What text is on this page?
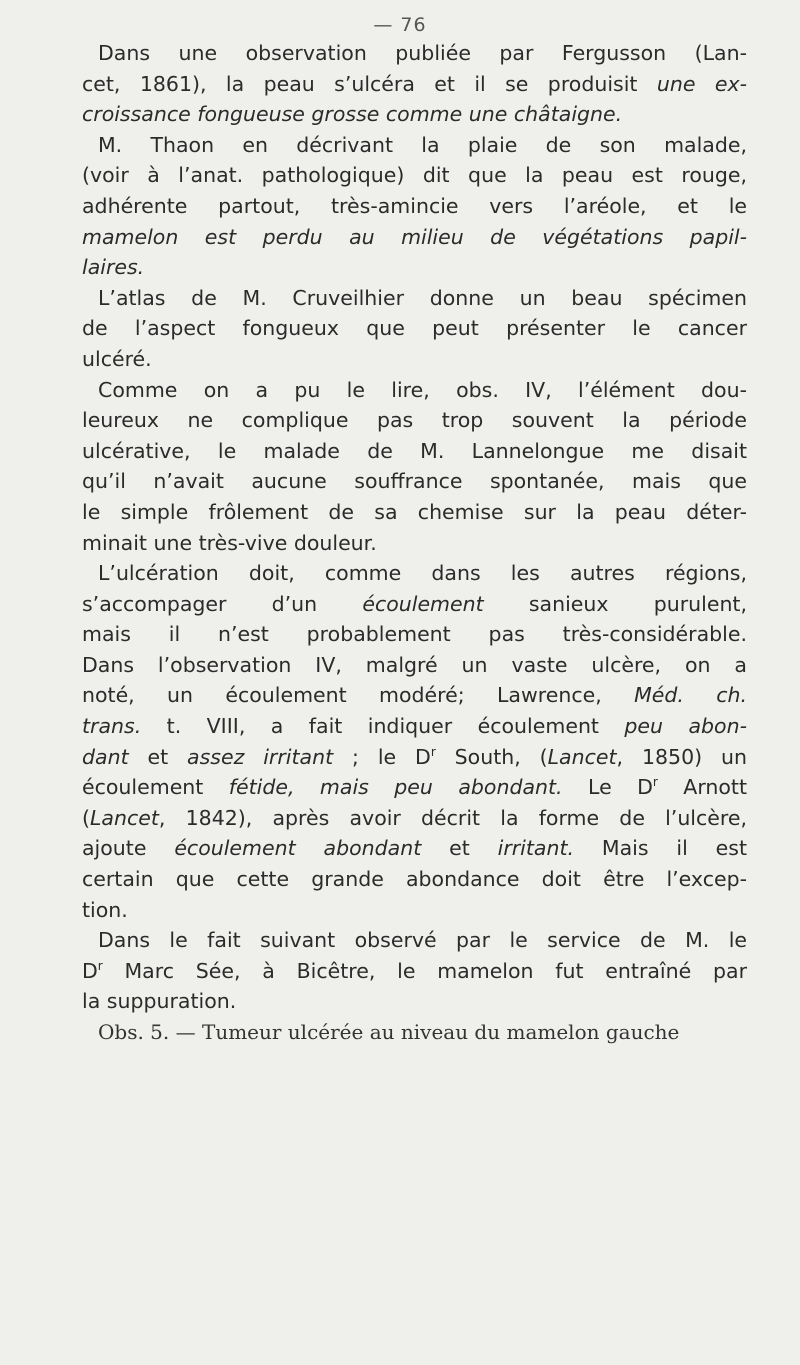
— 76
Dans une observation publiée par Fergusson (Lan-
cet, 1861), la peau s’ulcéra et il se produisit une ex-
croissance fongueuse grosse comme une châtaigne.
M. Thaon en décrivant la plaie de son malade,
(voir à l’anat. pathologique) dit que la peau est rouge,
adhérente partout, très-amincie vers l’aréole, et le
mamelon est perdu au milieu de végétations papil-
laires.
L’atlas de M. Cruveilhier donne un beau spécimen
de l’aspect fongueux que peut présenter le cancer
ulcéré.
Comme on a pu le lire, obs. IV, l’élément dou-
leureux ne complique pas trop souvent la période
ulcérative, le malade de M. Lannelongue me disait
qu’il n’avait aucune souffrance spontanée, mais que
le simple frôlement de sa chemise sur la peau déter-
minait une très-vive douleur.
L’ulcération doit, comme dans les autres régions,
s’accompager d’un écoulement sanieux purulent,
mais il n’est probablement pas très-considérable.
Dans l’observation IV, malgré un vaste ulcère, on a
noté, un écoulement modéré; Lawrence, Méd. ch.
trans. t. VIII, a fait indiquer écoulement peu abon-
dant et assez irritant ; le $D^r$ South, (Lancet, 1850) un
écoulement fétide, mais peu abondant. Le $D^r$ Arnott
(Lancet, 1842), après avoir décrit la forme de l’ulcère,
ajoute écoulement abondant et irritant. Mais il est
certain que cette grande abondance doit être l’excep-
tion.
Dans le fait suivant observé par le service de M. le
$D^r$ Marc Sée, à Bicêtre, le mamelon fut entraîné par
la suppuration.
Obs. 5. — Tumeur ulcérée au niveau du mamelon gauche
